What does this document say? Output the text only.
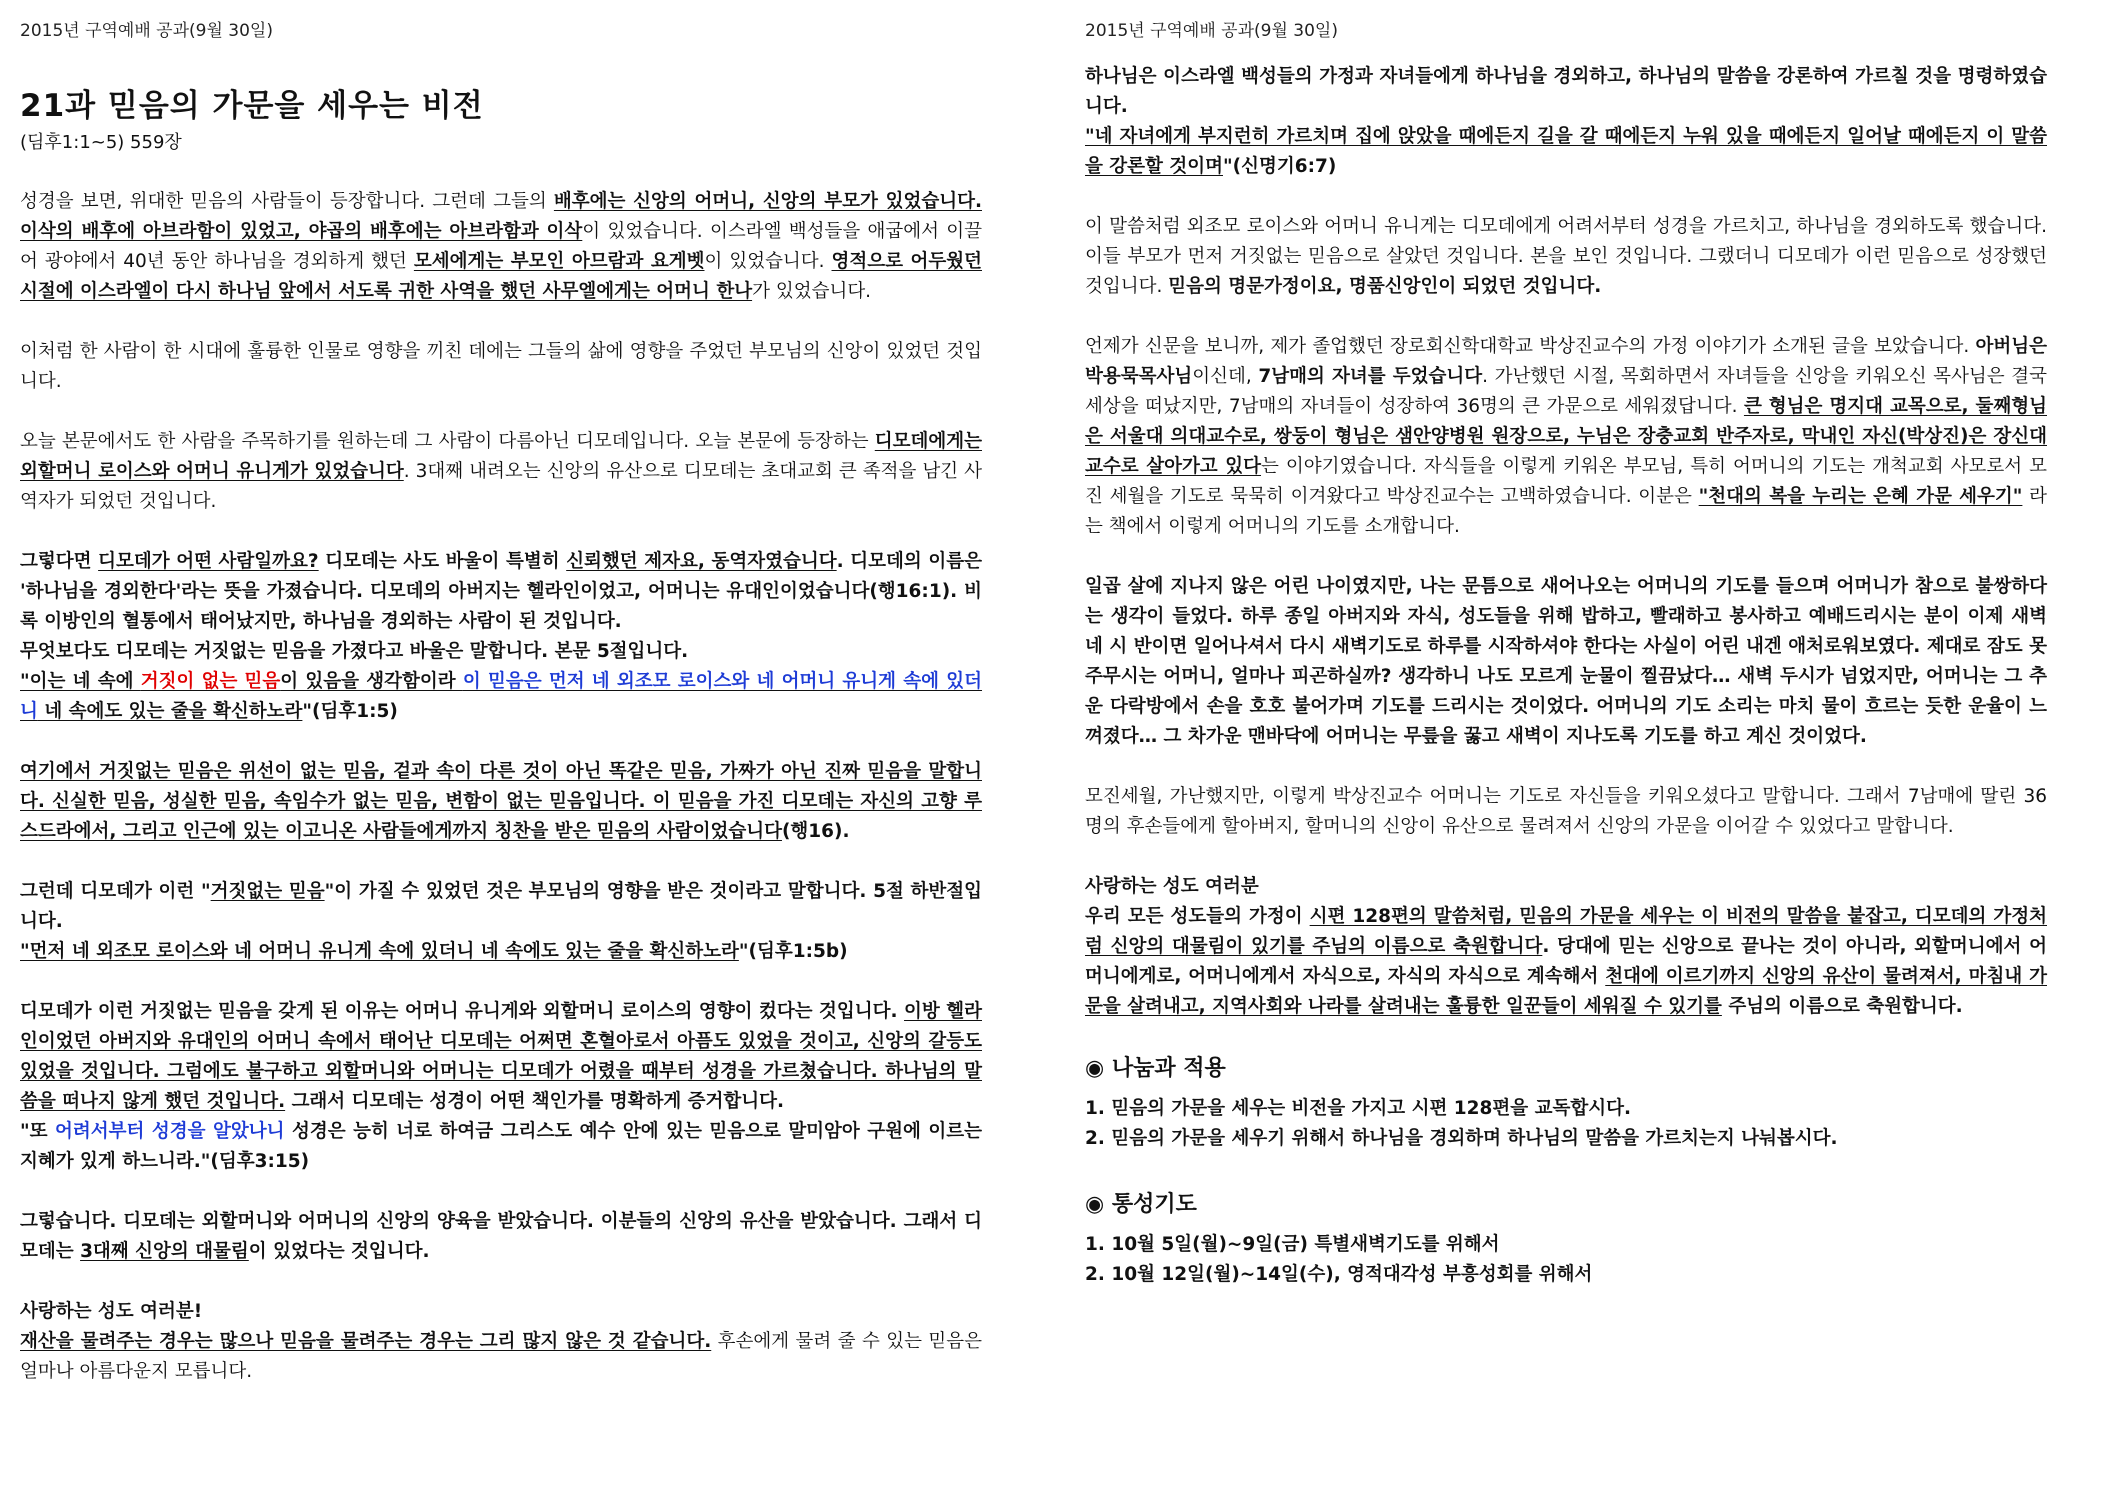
2015년 구역예배 공과(9월 30일)
21과 믿음의 가문을 세우는 비전
(딤후1:1~5) 559장

성경을 보면, 위대한 믿음의 사람들이 등장합니다. 그런데 그들의 배후에는 신앙의 어머니, 신앙의 부모가 있었습니다. 이삭의 배후에 아브라함이 있었고, 야곱의 배후에는 아브라함과 이삭이 있었습니다. 이스라엘 백성들을 애굽에서 이끌어 광야에서 40년 동안 하나님을 경외하게 했던 모세에게는 부모인 아므람과 요게벳이 있었습니다. 영적으로 어두웠던 시절에 이스라엘이 다시 하나님 앞에서 서도록 귀한 사역을 했던 사무엘에게는 어머니 한나가 있었습니다.

이처럼 한 사람이 한 시대에 훌륭한 인물로 영향을 끼친 데에는 그들의 삶에 영향을 주었던 부모님의 신앙이 있었던 것입니다.

오늘 본문에서도 한 사람을 주목하기를 원하는데 그 사람이 다름아닌 디모데입니다. 오늘 본문에 등장하는 디모데에게는 외할머니 로이스와 어머니 유니게가 있었습니다. 3대째 내려오는 신앙의 유산으로 디모데는 초대교회 큰 족적을 남긴 사역자가 되었던 것입니다.

그렇다면 디모데가 어떤 사람일까요? 디모데는 사도 바울이 특별히 신뢰했던 제자요, 동역자였습니다. 디모데의 이름은 '하나님을 경외한다'라는 뜻을 가졌습니다. 디모데의 아버지는 헬라인이었고, 어머니는 유대인이었습니다(행16:1). 비록 이방인의 혈통에서 태어났지만, 하나님을 경외하는 사람이 된 것입니다.
무엇보다도 디모데는 거짓없는 믿음을 가졌다고 바울은 말합니다. 본문 5절입니다.
"이는 네 속에 거짓이 없는 믿음이 있음을 생각함이라 이 믿음은 먼저 네 외조모 로이스와 네 어머니 유니게 속에 있더니 네 속에도 있는 줄을 확신하노라"(딤후1:5)

여기에서 거짓없는 믿음은 위선이 없는 믿음, 겉과 속이 다른 것이 아닌 똑같은 믿음, 가짜가 아닌 진짜 믿음을 말합니다. 신실한 믿음, 성실한 믿음, 속임수가 없는 믿음, 변함이 없는 믿음입니다. 이 믿음을 가진 디모데는 자신의 고향 루스드라에서, 그리고 인근에 있는 이고니온 사람들에게까지 칭찬을 받은 믿음의 사람이었습니다(행16).

그런데 디모데가 이런 "거짓없는 믿음"이 가질 수 있었던 것은 부모님의 영향을 받은 것이라고 말합니다. 5절 하반절입니다.
"먼저 네 외조모 로이스와 네 어머니 유니게 속에 있더니 네 속에도 있는 줄을 확신하노라"(딤후1:5b)

디모데가 이런 거짓없는 믿음을 갖게 된 이유는 어머니 유니게와 외할머니 로이스의 영향이 컸다는 것입니다. 이방 헬라인이었던 아버지와 유대인의 어머니 속에서 태어난 디모데는 어쩌면 혼혈아로서 아픔도 있었을 것이고, 신앙의 갈등도 있었을 것입니다. 그럼에도 불구하고 외할머니와 어머니는 디모데가 어렸을 때부터 성경을 가르쳤습니다. 하나님의 말씀을 떠나지 않게 했던 것입니다. 그래서 디모데는 성경이 어떤 책인가를 명확하게 증거합니다.
"또 어려서부터 성경을 알았나니 성경은 능히 너로 하여금 그리스도 예수 안에 있는 믿음으로 말미암아 구원에 이르는 지혜가 있게 하느니라."(딤후3:15)

그렇습니다. 디모데는 외할머니와 어머니의 신앙의 양육을 받았습니다. 이분들의 신앙의 유산을 받았습니다. 그래서 디모데는 3대째 신앙의 대물림이 있었다는 것입니다.

사랑하는 성도 여러분!
재산을 물려주는 경우는 많으나 믿음을 물려주는 경우는 그리 많지 않은 것 같습니다. 후손에게 물려 줄 수 있는 믿음은 얼마나 아름다운지 모릅니다.

2015년 구역예배 공과(9월 30일)

하나님은 이스라엘 백성들의 가정과 자녀들에게 하나님을 경외하고, 하나님의 말씀을 강론하여 가르칠 것을 명령하였습니다.
"네 자녀에게 부지런히 가르치며 집에 앉았을 때에든지 길을 갈 때에든지 누워 있을 때에든지 일어날 때에든지 이 말씀을 강론할 것이며"(신명기6:7)

이 말씀처럼 외조모 로이스와 어머니 유니게는 디모데에게 어려서부터 성경을 가르치고, 하나님을 경외하도록 했습니다. 이들 부모가 먼저 거짓없는 믿음으로 살았던 것입니다. 본을 보인 것입니다. 그랬더니 디모데가 이런 믿음으로 성장했던 것입니다. 믿음의 명문가정이요, 명품신앙인이 되었던 것입니다.

언제가 신문을 보니까, 제가 졸업했던 장로회신학대학교 박상진교수의 가정 이야기가 소개된 글을 보았습니다. 아버님은 박용묵목사님이신데, 7남매의 자녀를 두었습니다. 가난했던 시절, 목회하면서 자녀들을 신앙을 키워오신 목사님은 결국 세상을 떠났지만, 7남매의 자녀들이 성장하여 36명의 큰 가문으로 세워졌답니다. 큰 형님은 명지대 교목으로, 둘째형님은 서울대 의대교수로, 쌍둥이 형님은 샘안양병원 원장으로, 누님은 장충교회 반주자로, 막내인 자신(박상진)은 장신대 교수로 살아가고 있다는 이야기였습니다. 자식들을 이렇게 키워온 부모님, 특히 어머니의 기도는 개척교회 사모로서 모진 세월을 기도로 묵묵히 이겨왔다고 박상진교수는 고백하였습니다. 이분은 "천대의 복을 누리는 은혜 가문 세우기" 라는 책에서 이렇게 어머니의 기도를 소개합니다.

일곱 살에 지나지 않은 어린 나이였지만, 나는 문틈으로 새어나오는 어머니의 기도를 들으며 어머니가 참으로 불쌍하다는 생각이 들었다. 하루 종일 아버지와 자식, 성도들을 위해 밥하고, 빨래하고 봉사하고 예배드리시는 분이 이제 새벽 네 시 반이면 일어나셔서 다시 새벽기도로 하루를 시작하셔야 한다는 사실이 어린 내겐 애처로워보였다. 제대로 잠도 못 주무시는 어머니, 얼마나 피곤하실까? 생각하니 나도 모르게 눈물이 찔끔났다… 새벽 두시가 넘었지만, 어머니는 그 추운 다락방에서 손을 호호 불어가며 기도를 드리시는 것이었다. 어머니의 기도 소리는 마치 물이 흐르는 듯한 운율이 느껴졌다… 그 차가운 맨바닥에 어머니는 무릎을 꿇고 새벽이 지나도록 기도를 하고 계신 것이었다.

모진세월, 가난했지만, 이렇게 박상진교수 어머니는 기도로 자신들을 키워오셨다고 말합니다. 그래서 7남매에 딸린 36명의 후손들에게 할아버지, 할머니의 신앙이 유산으로 물려져서 신앙의 가문을 이어갈 수 있었다고 말합니다.

사랑하는 성도 여러분
우리 모든 성도들의 가정이 시편 128편의 말씀처럼, 믿음의 가문을 세우는 이 비전의 말씀을 붙잡고, 디모데의 가정처럼 신앙의 대물림이 있기를 주님의 이름으로 축원합니다. 당대에 믿는 신앙으로 끝나는 것이 아니라, 외할머니에서 어머니에게로, 어머니에게서 자식으로, 자식의 자식으로 계속해서 천대에 이르기까지 신앙의 유산이 물려져서, 마침내 가문을 살려내고, 지역사회와 나라를 살려내는 훌륭한 일꾼들이 세워질 수 있기를 주님의 이름으로 축원합니다.

◉ 나눔과 적용
1. 믿음의 가문을 세우는 비전을 가지고 시편 128편을 교독합시다.
2. 믿음의 가문을 세우기 위해서 하나님을 경외하며 하나님의 말씀을 가르치는지 나눠봅시다.
◉ 통성기도
1. 10월 5일(월)~9일(금) 특별새벽기도를 위해서
2. 10월 12일(월)~14일(수), 영적대각성 부흥성회를 위해서
